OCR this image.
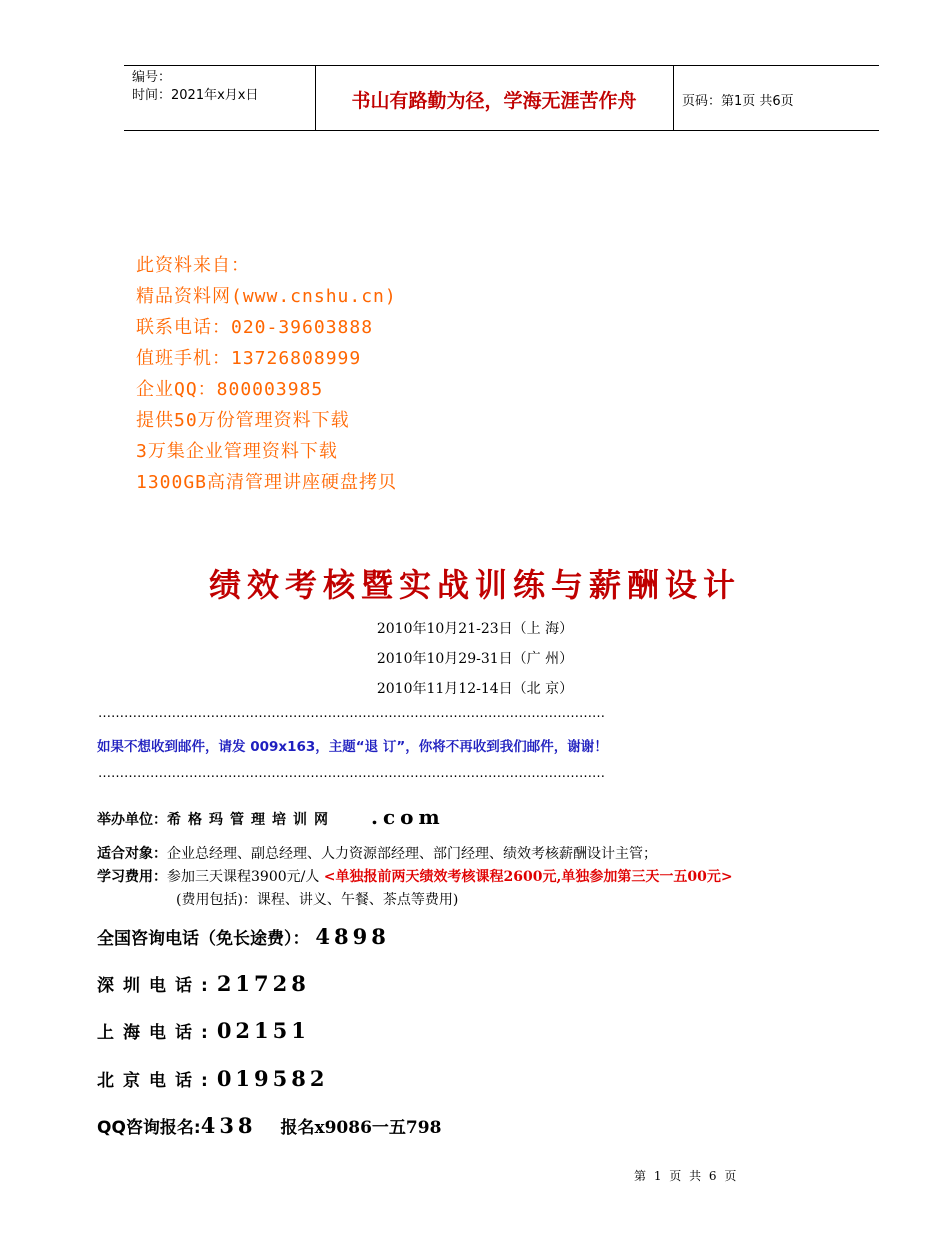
编号：
时间：2021年x月x日	书山有路勤为径，学海无涯苦作舟	页码：第1页 共6页
此资料来自：
精品资料网(www.cnshu.cn)
联系电话：020-39603888
值班手机：13726808999
企业QQ：800003985
提供50万份管理资料下载
3万集企业管理资料下载
1300GB高清管理讲座硬盘拷贝
绩效考核暨实战训练与薪酬设计
2010年10月21-23日（上 海）
2010年10月29-31日（广 州）
2010年11月12-14日（北 京）
………………………………………………………………………………………………………
如果不想收到邮件，请发 009x163，主题“退 订”，你将不再收到我们邮件，谢谢！
………………………………………………………………………………………………………
举办单位：希格玛管理培训网 .com
适合对象：企业总经理、副总经理、人力资源部经理、部门经理、绩效考核薪酬设计主管；
学习费用：参加三天课程3900元/人 <单独报前两天绩效考核课程2600元,单独参加第三天一五00元>
(费用包括)：课程、讲义、午餐、茶点等费用)
全国咨询电话（免长途费）： 4898
深圳电话:21728
上海电话:02151
北京电话:019582
QQ咨询报名:438 报名x9086一五798
第 1 页 共 6 页
